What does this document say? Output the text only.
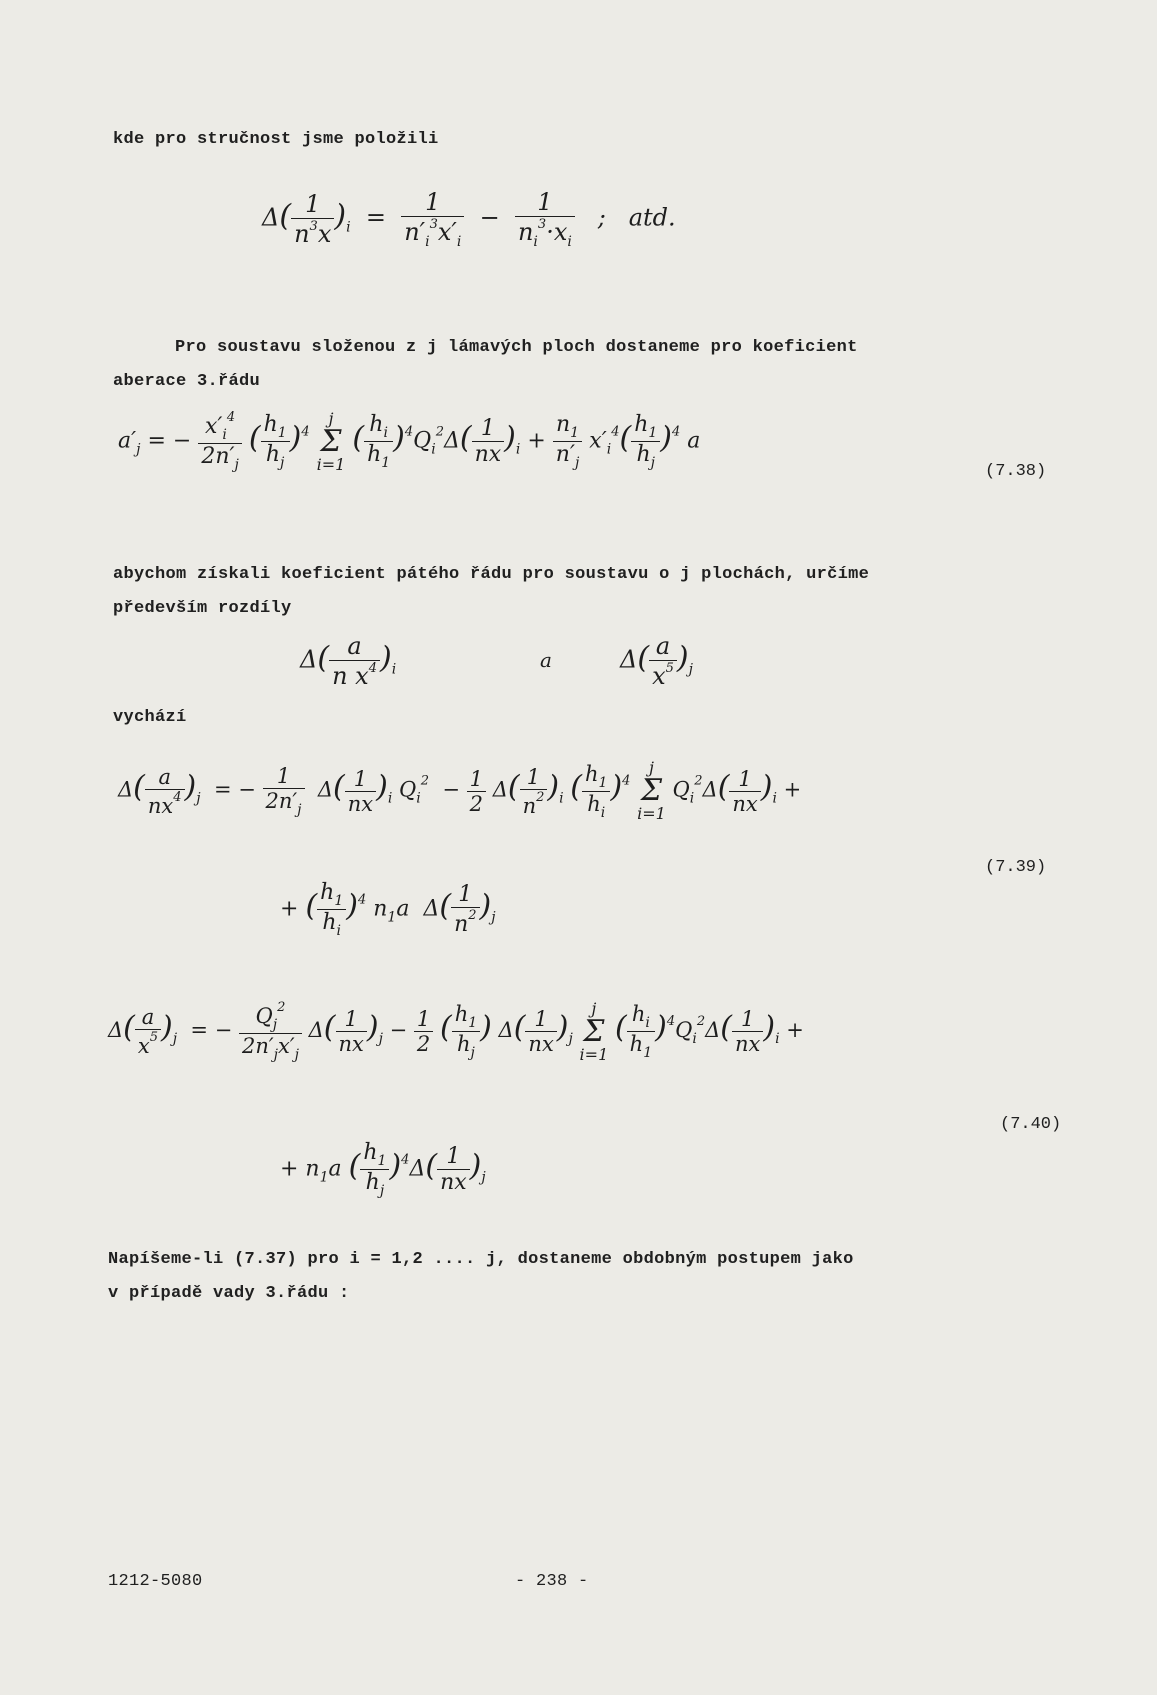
kde pro stručnost jsme položili
$\Delta( \frac{1}{n^3x} )_i = \frac{1}{n'_i^3x'_i} - \frac{1}{n_i^3\cdot x_i}$ ;   atd.
Pro soustavu složenou z j lámavých ploch dostaneme pro koeficient
aberace 3.řádu
$a'_j$ = − $\frac{x'_i^4}{2n'_j}$ ( $\frac{h_1}{h_j} )^4$
j
Σ
i=1
( $\frac{h_i}{h_1} )^4Q_i^2\Delta( \frac{1}{nx} )_i + \frac{n_1}{n'_j} x'_i^4( \frac{h_1}{h_j} )^4$ a
(7.38)
abychom získali koeficient pátého řádu pro soustavu o j plochách, určíme
především rozdíly
$\Delta( \frac{a}{n x^4} )_i$	a	$\Delta( \frac{a}{x^5} )_j$
vychází
$\Delta( \frac{a}{nx^4} )_j$  = − $\frac{1}{2n'_j} \Delta( \frac{1}{nx} )_i$ $Q_i^2 - \frac{1}{2} \Delta( \frac{1}{n^2} )_i$ ( $\frac{h_1}{h_i} )^4$
j
Σ
i=1
$Q_i^2\Delta( \frac{1}{nx} )_i$ +
(7.39)
+ ( $\frac{h_1}{h_i} )^4$ $n_1a$  $\Delta( \frac{1}{n^2} )_j$
$\Delta( \frac{a}{x^5} )_j$  = − $\frac{Q_j^2}{2n'_jx'_j} \Delta( \frac{1}{nx} )_j - \frac{1}{2}$ ( $\frac{h_1}{h_j}$ ) $\Delta( \frac{1}{nx} )_j$
j
Σ
i=1
( $\frac{h_i}{h_1} )^4Q_i^2\Delta( \frac{1}{nx} )_i$ +
(7.40)
+ $n_1a$ ( $\frac{h_1}{h_j} )^4\Delta( \frac{1}{nx} )_j$
Napíšeme-li (7.37) pro i = 1,2 .... j, dostaneme obdobným postupem jako
v případě vady 3.řádu :
1212-5080	- 238 -
